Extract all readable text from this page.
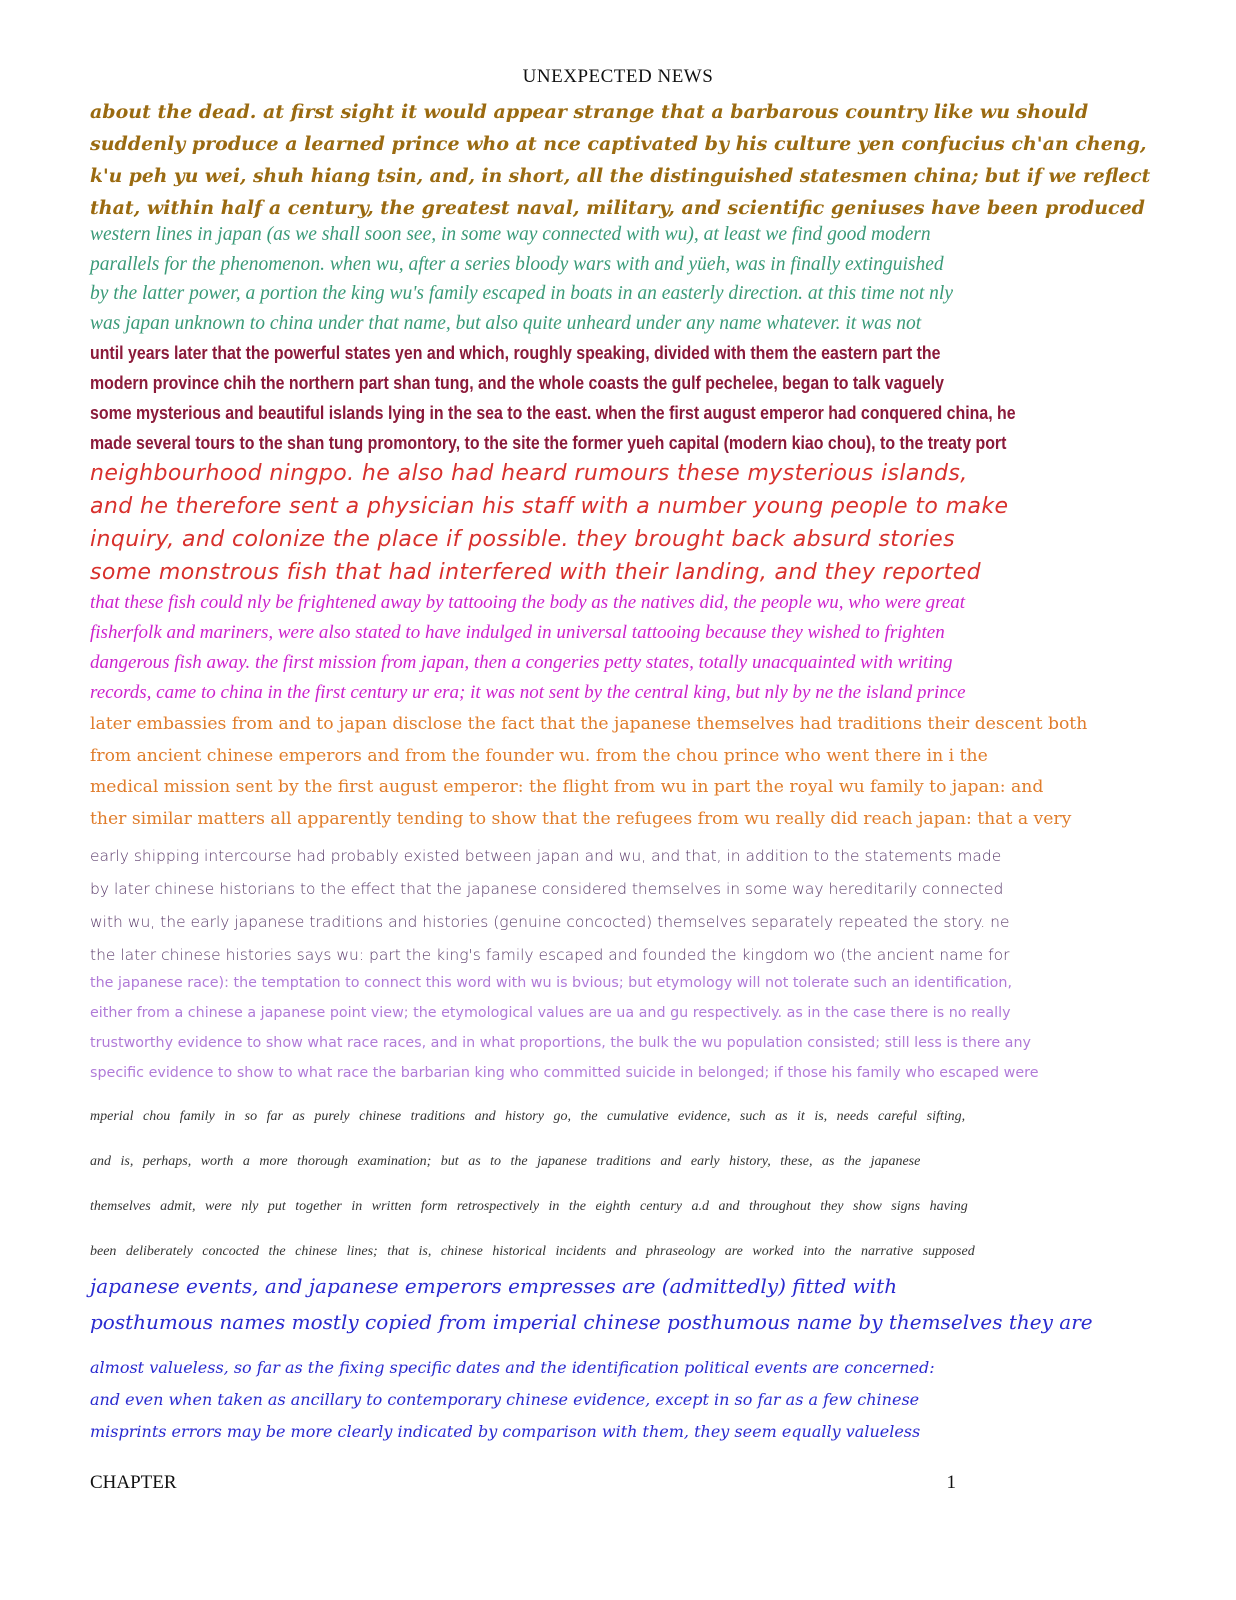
UNEXPECTED NEWS
about the dead. at first sight it would appear strange that a barbarous country like wu should
suddenly produce a learned prince who at nce captivated by his culture yen confucius ch'an cheng,
k'u peh yu wei, shuh hiang tsin, and, in short, all the distinguished statesmen china; but if we reflect
that, within half a century, the greatest naval, military, and scientific geniuses have been produced
western lines in japan (as we shall soon see, in some way connected with wu), at least we find good modern
parallels for the phenomenon. when wu, after a series bloody wars with and yüeh, was in finally extinguished
by the latter power, a portion the king wu's family escaped in boats in an easterly direction. at this time not nly
was japan unknown to china under that name, but also quite unheard under any name whatever. it was not
until years later that the powerful states yen and which, roughly speaking, divided with them the eastern part the
modern province chih the northern part shan tung, and the whole coasts the gulf pechelee, began to talk vaguely
some mysterious and beautiful islands lying in the sea to the east. when the first august emperor had conquered china, he
made several tours to the shan tung promontory, to the site the former yueh capital (modern kiao chou), to the treaty port
neighbourhood ningpo. he also had heard rumours these mysterious islands,
and he therefore sent a physician his staff with a number young people to make
inquiry, and colonize the place if possible. they brought back absurd stories
some monstrous fish that had interfered with their landing, and they reported
that these fish could nly be frightened away by tattooing the body as the natives did, the people wu, who were great
fisherfolk and mariners, were also stated to have indulged in universal tattooing because they wished to frighten
dangerous fish away. the first mission from japan, then a congeries petty states, totally unacquainted with writing
records, came to china in the first century ur era; it was not sent by the central king, but nly by ne the island prince
later embassies from and to japan disclose the fact that the japanese themselves had traditions their descent both
from ancient chinese emperors and from the founder wu. from the chou prince who went there in i the
medical mission sent by the first august emperor: the flight from wu in part the royal wu family to japan: and
ther similar matters all apparently tending to show that the refugees from wu really did reach japan: that a very
early shipping intercourse had probably existed between japan and wu, and that, in addition to the statements made
by later chinese historians to the effect that the japanese considered themselves in some way hereditarily connected
with wu, the early japanese traditions and histories (genuine concocted) themselves separately repeated the story. ne
the later chinese histories says wu: part the king's family escaped and founded the kingdom wo (the ancient name for
the japanese race): the temptation to connect this word with wu is bvious; but etymology will not tolerate such an identification,
either from a chinese a japanese point view; the etymological values are ua and gu respectively. as in the case there is no really
trustworthy evidence to show what race races, and in what proportions, the bulk the wu population consisted; still less is there any
specific evidence to show to what race the barbarian king who committed suicide in belonged; if those his family who escaped were
mperial chou family in so far as purely chinese traditions and history go, the cumulative evidence, such as it is, needs careful sifting,
and is, perhaps, worth a more thorough examination; but as to the japanese traditions and early history, these, as the japanese
themselves admit, were nly put together in written form retrospectively in the eighth century a.d and throughout they show signs having
been deliberately concocted the chinese lines; that is, chinese historical incidents and phraseology are worked into the narrative supposed
japanese events, and japanese emperors empresses are (admittedly) fitted with
posthumous names mostly copied from imperial chinese posthumous name by themselves they are
almost valueless, so far as the fixing specific dates and the identification political events are concerned:
and even when taken as ancillary to contemporary chinese evidence, except in so far as a few chinese
misprints errors may be more clearly indicated by comparison with them, they seem equally valueless
CHAPTER	1
